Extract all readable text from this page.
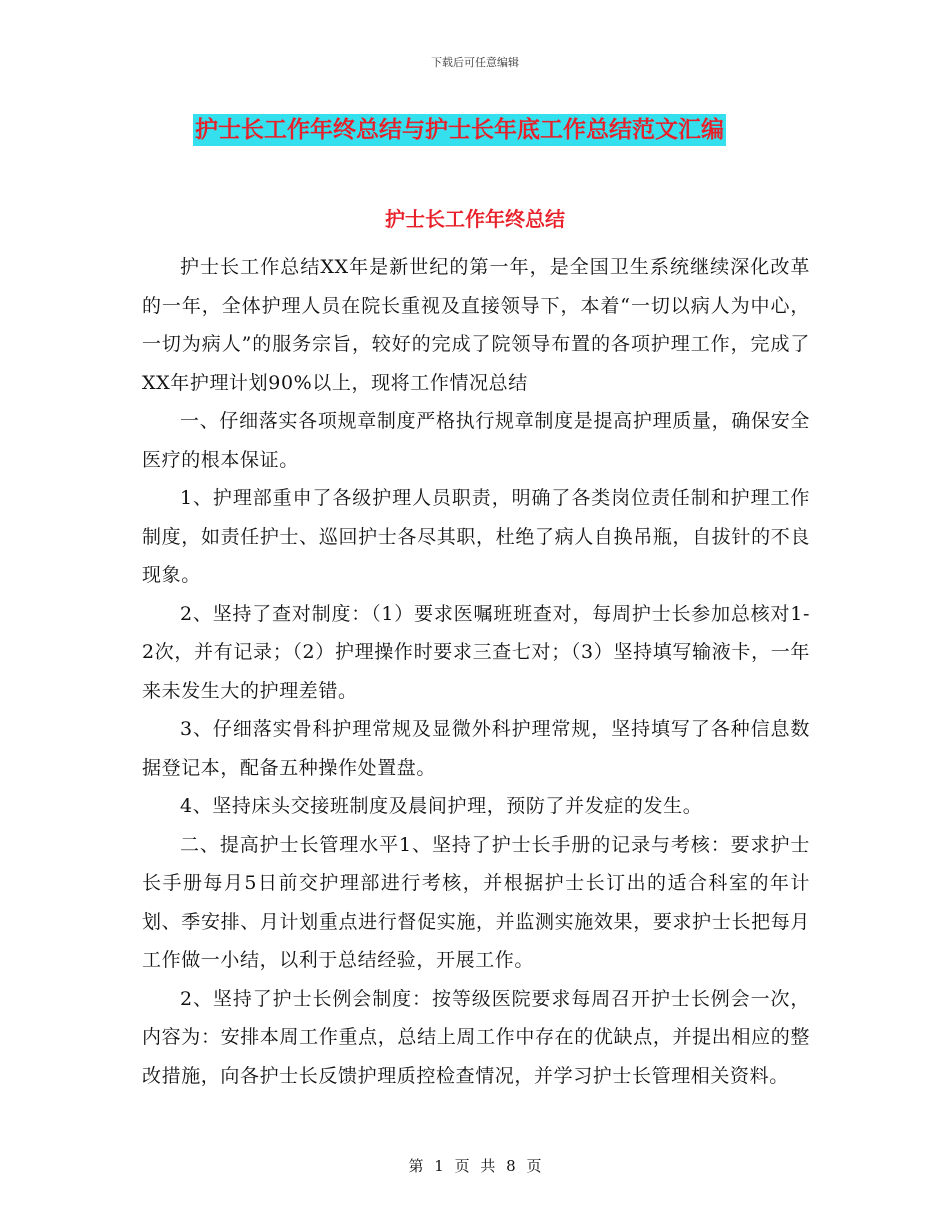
下载后可任意编辑
护士长工作年终总结与护士长年底工作总结范文汇编
护士长工作年终总结

护士长工作总结XX年是新世纪的第一年，是全国卫生系统继续深化改革的一年，全体护理人员在院长重视及直接领导下，本着“一切以病人为中心，一切为病人”的服务宗旨，较好的完成了院领导布置的各项护理工作，完成了XX年护理计划90%以上，现将工作情况总结

一、仔细落实各项规章制度严格执行规章制度是提高护理质量，确保安全医疗的根本保证。

1、护理部重申了各级护理人员职责，明确了各类岗位责任制和护理工作制度，如责任护士、巡回护士各尽其职，杜绝了病人自换吊瓶，自拔针的不良现象。

2、坚持了查对制度：（1）要求医嘱班班查对，每周护士长参加总核对1-2次，并有记录；（2）护理操作时要求三查七对；（3）坚持填写输液卡，一年来未发生大的护理差错。

3、仔细落实骨科护理常规及显微外科护理常规，坚持填写了各种信息数据登记本，配备五种操作处置盘。

4、坚持床头交接班制度及晨间护理，预防了并发症的发生。

二、提高护士长管理水平1、坚持了护士长手册的记录与考核：要求护士长手册每月5日前交护理部进行考核，并根据护士长订出的适合科室的年计划、季安排、月计划重点进行督促实施，并监测实施效果，要求护士长把每月工作做一小结，以利于总结经验，开展工作。

2、坚持了护士长例会制度：按等级医院要求每周召开护士长例会一次，内容为：安排本周工作重点，总结上周工作中存在的优缺点，并提出相应的整改措施，向各护士长反馈护理质控检查情况，并学习护士长管理相关资料。

第 1 页 共 8 页
